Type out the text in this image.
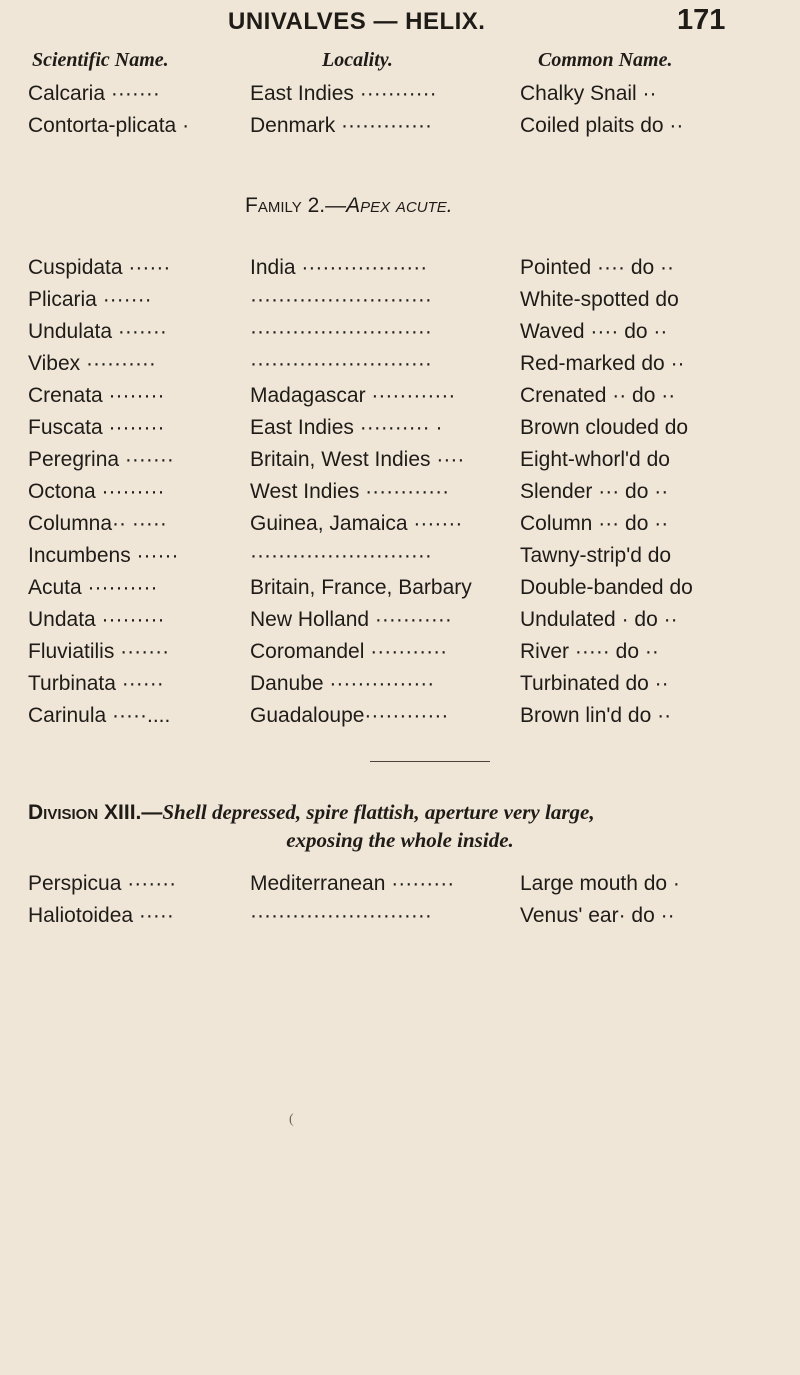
UNIVALVES — HELIX.	171
Scientific Name.	Locality.	Common Name.
Calcaria ·······	East Indies ···········	Chalky Snail ··
Contorta-plicata ·	Denmark ·············	Coiled plaits do ··
Family 2.—Apex acute.
Cuspidata ······	India ··················	Pointed ···· do ··
Plicaria ·······	··························	White-spotted do
Undulata ·······	··························	Waved ···· do ··
Vibex ··········	··························	Red-marked do ··
Crenata ········	Madagascar ············	Crenated ·· do ··
Fuscata ········	East Indies ·········· ·	Brown clouded do
Peregrina ·······	Britain, West Indies ····	Eight-whorl'd do
Octona ·········	West Indies ············	Slender ··· do ··
Columna·· ·····	Guinea, Jamaica ·······	Column ··· do ··
Incumbens ······	··························	Tawny-strip'd do
Acuta ··········	Britain, France, Barbary	Double-banded do
Undata ·········	New Holland ···········	Undulated · do ··
Fluviatilis ·······	Coromandel ···········	River ····· do ··
Turbinata ······	Danube ···············	Turbinated do ··
Carinula ·····....	Guadaloupe············	Brown lin'd do ··
Division XIII.—Shell depressed, spire flattish, aperture very large,
exposing the whole inside.
Perspicua ·······	Mediterranean ·········	Large mouth do ·
Haliotoidea ·····	··························	Venus' ear· do ··
(
